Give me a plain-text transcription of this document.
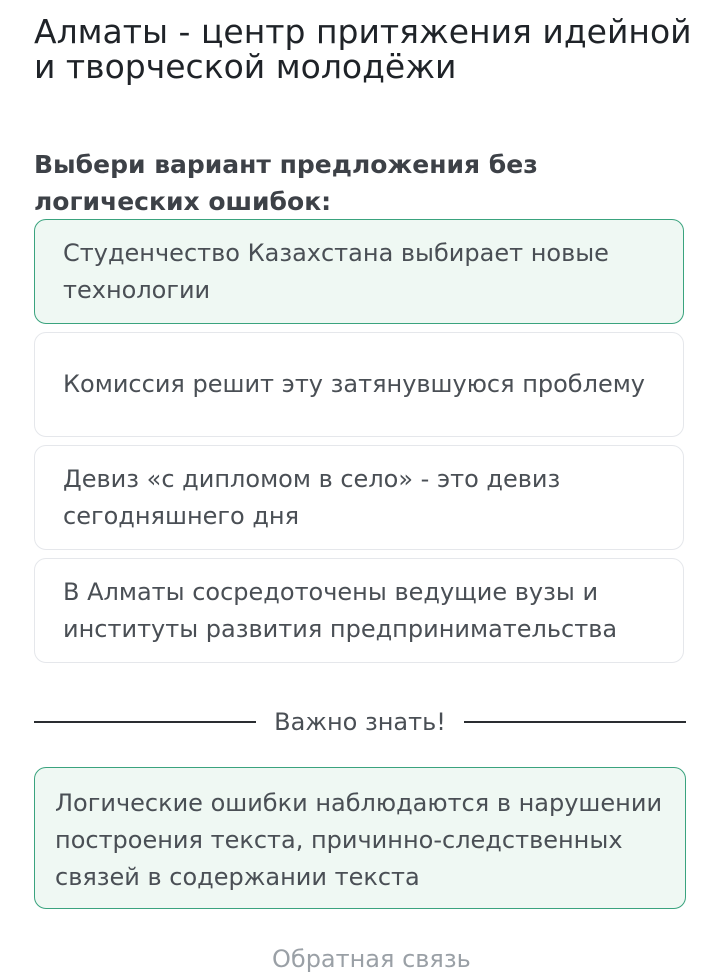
Алматы - центр притяжения идейной и творческой молодёжи
Выбери вариант предложения без логических ошибок:
Студенчество Казахстана выбирает новые технологии
Комиссия решит эту затянувшуюся проблему
Девиз «с дипломом в село» - это девиз сегодняшнего дня
В Алматы сосредоточены ведущие вузы и институты развития предпринимательства
Важно знать!
Логические ошибки наблюдаются в нарушении построения текста, причинно-следственных связей в содержании текста
Обратная связь
